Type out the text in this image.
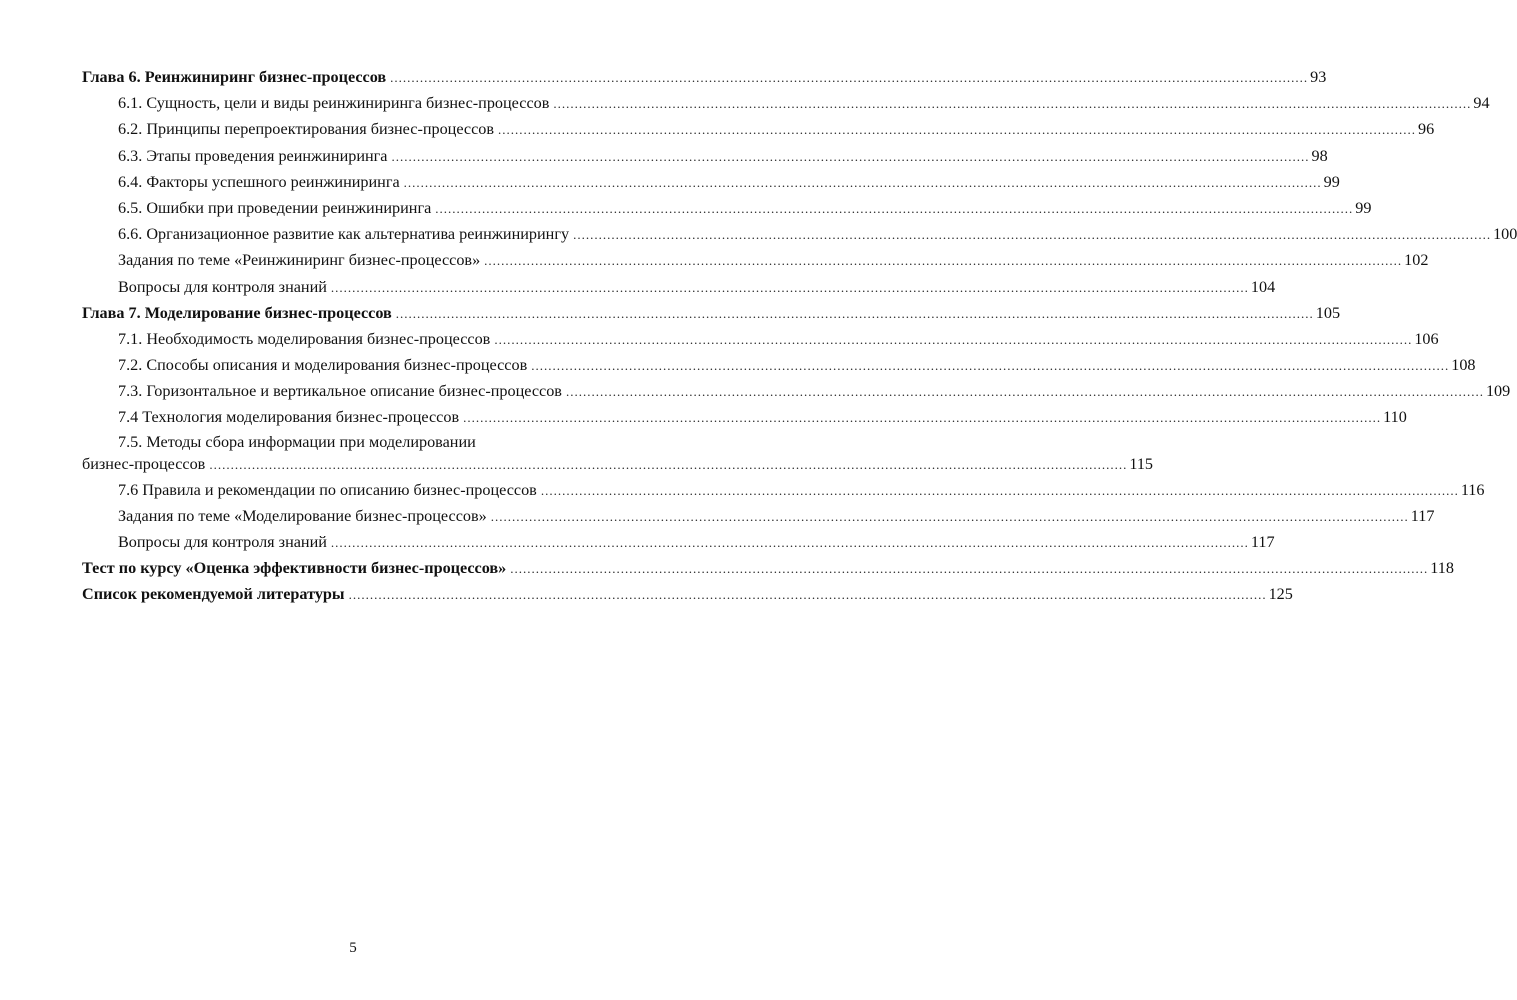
Глава 6. Реинжиниринг бизнес-процессов .....	93
6.1. Сущность, цели и виды реинжиниринга бизнес-процессов .....	94
6.2. Принципы перепроектирования бизнес-процессов .....	96
6.3. Этапы проведения реинжиниринга .....	98
6.4. Факторы успешного реинжиниринга .....	99
6.5. Ошибки при проведении реинжиниринга .....	99
6.6. Организационное развитие как альтернатива реинжинирингу .....	100
Задания по теме «Реинжиниринг бизнес-процессов» .....	102
Вопросы для контроля знаний .....	104
Глава 7. Моделирование бизнес-процессов .....	105
7.1. Необходимость моделирования бизнес-процессов .....	106
7.2. Способы описания и моделирования бизнес-процессов .....	108
7.3. Горизонтальное и вертикальное описание бизнес-процессов .....	109
7.4 Технология моделирования бизнес-процессов .....	110
7.5. Методы сбора информации при моделировании
бизнес-процессов .....	115
7.6 Правила и рекомендации по описанию бизнес-процессов .....	116
Задания по теме «Моделирование бизнес-процессов» .....	117
Вопросы для контроля знаний .....	117
Тест по курсу «Оценка эффективности бизнес-процессов» .....	118
Список рекомендуемой литературы .....	125
5
